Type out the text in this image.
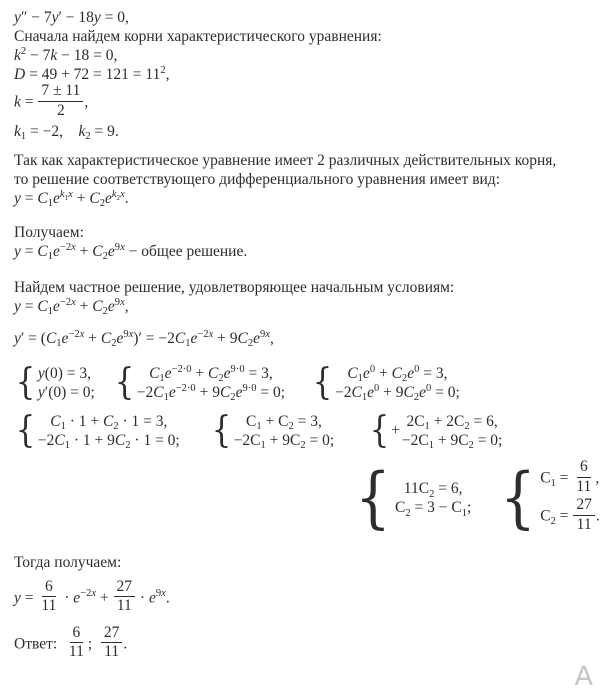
y″ − 7y′ − 18y = 0,
Сначала найдем корни характеристического уравнения:
$k^2 - 7k - 18 = 0$,
$D = 49 + 72 = 121 = 11^2$,
$k = \frac{7 \pm 11}{2}$ ,
$k_1 = -2$, $k_2 = 9$.
Так как характеристическое уравнение имеет 2 различных действительных корня,
то решение соответствующего дифференциального уравнения имеет вид:
$y = C_1e^{k_1x} + C_2e^{k_2x}$.
Получаем:
$y = C_1e^{-2x} + C_2e^{9x}$ − общее решение.
Найдем частное решение, удовлетворяющее начальным условиям:
$y = C_1e^{-2x} + C_2e^{9x}$,
$y' = (C_1e^{-2x} + C_2e^{9x})' = -2C_1e^{-2x} + 9C_2e^{9x}$,
{ y(0) = 3,
y′(0) = 0; { $C_1e^{-2\cdot 0} + C_2e^{9\cdot 0} = 3$,
$-2C_1e^{-2\cdot 0} + 9C_2e^{9\cdot 0} = 0$; { $C_1e^0 + C_2e^0 = 3$,
$-2C_1e^0 + 9C_2e^0 = 0$;
{ $C_1 \cdot 1 + C_2 \cdot 1 = 3$,
$-2C_1 \cdot 1 + 9C_2 \cdot 1 = 0$; { $C_1 + C_2 = 3$,
$-2C_1 + 9C_2 = 0$; { +
$2C_1 + 2C_2 = 6$,
$-2C_1 + 9C_2 = 0$;
{ $11C_2 = 6$,
$C_2 = 3 - C_1$; { $C_1 = \frac{6}{11}$ ,
$C_2 = \frac{27}{11}$ .
Тогда получаем:
$y = \frac{6}{11} \cdot e^{-2x} + \frac{27}{11} \cdot e^{9x}$.
Ответ:  $\frac{6}{11}$ ;  $\frac{27}{11}$ .
А
